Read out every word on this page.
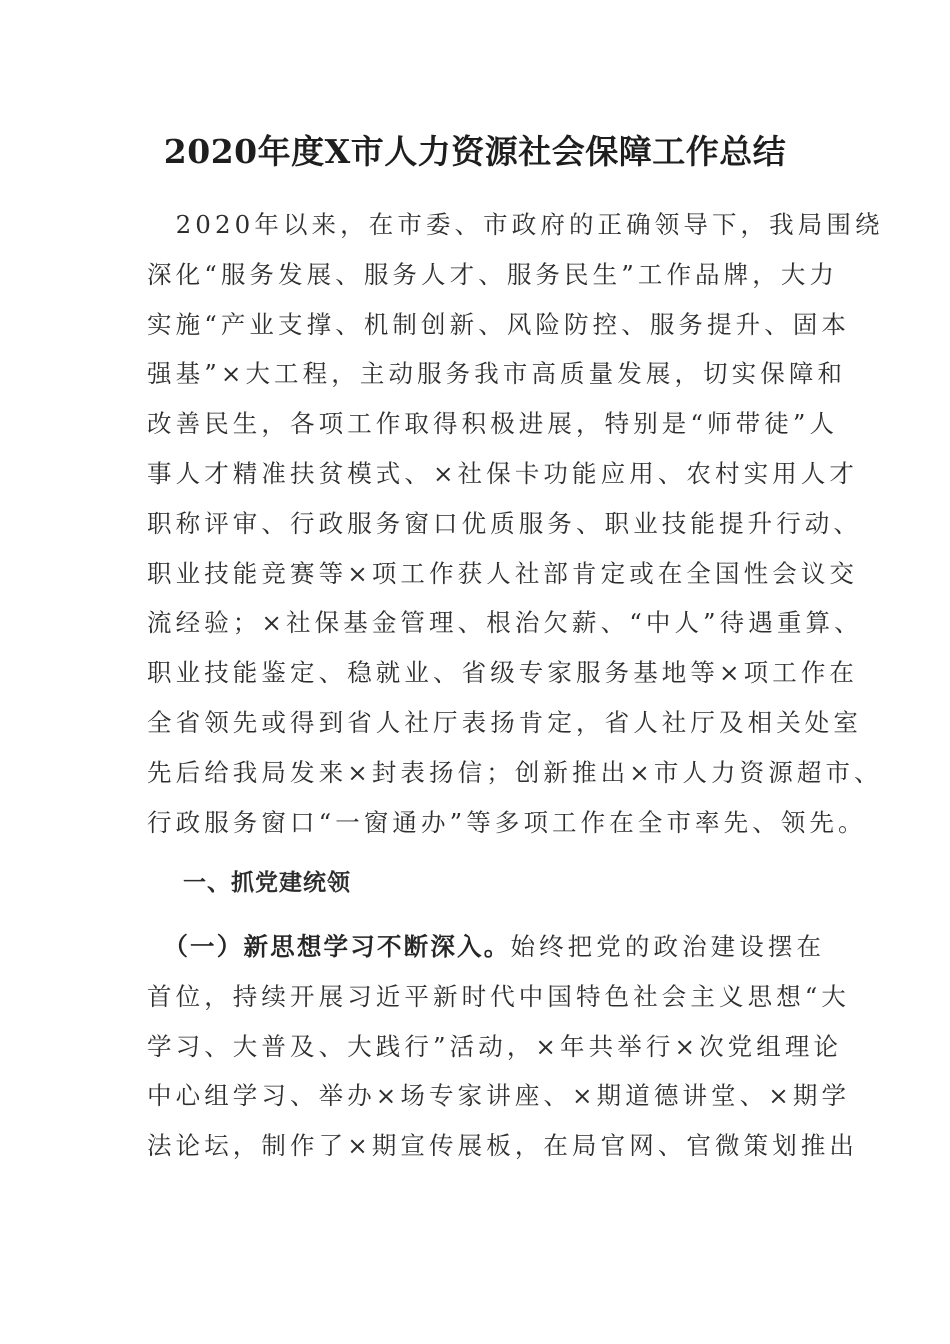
2020年度X市人力资源社会保障工作总结
　2020年以来，在市委、市政府的正确领导下，我局围绕
深化“服务发展、服务人才、服务民生”工作品牌，大力
实施“产业支撑、机制创新、风险防控、服务提升、固本
强基”×大工程，主动服务我市高质量发展，切实保障和
改善民生，各项工作取得积极进展，特别是“师带徒”人
事人才精准扶贫模式、×社保卡功能应用、农村实用人才
职称评审、行政服务窗口优质服务、职业技能提升行动、
职业技能竞赛等×项工作获人社部肯定或在全国性会议交
流经验；×社保基金管理、根治欠薪、“中人”待遇重算、
职业技能鉴定、稳就业、省级专家服务基地等×项工作在
全省领先或得到省人社厅表扬肯定，省人社厅及相关处室
先后给我局发来×封表扬信；创新推出×市人力资源超市、
行政服务窗口“一窗通办”等多项工作在全市率先、领先。
一、抓党建统领
　（一）新思想学习不断深入。始终把党的政治建设摆在
首位，持续开展习近平新时代中国特色社会主义思想“大
学习、大普及、大践行”活动，×年共举行×次党组理论
中心组学习、举办×场专家讲座、×期道德讲堂、×期学
法论坛，制作了×期宣传展板，在局官网、官微策划推出
